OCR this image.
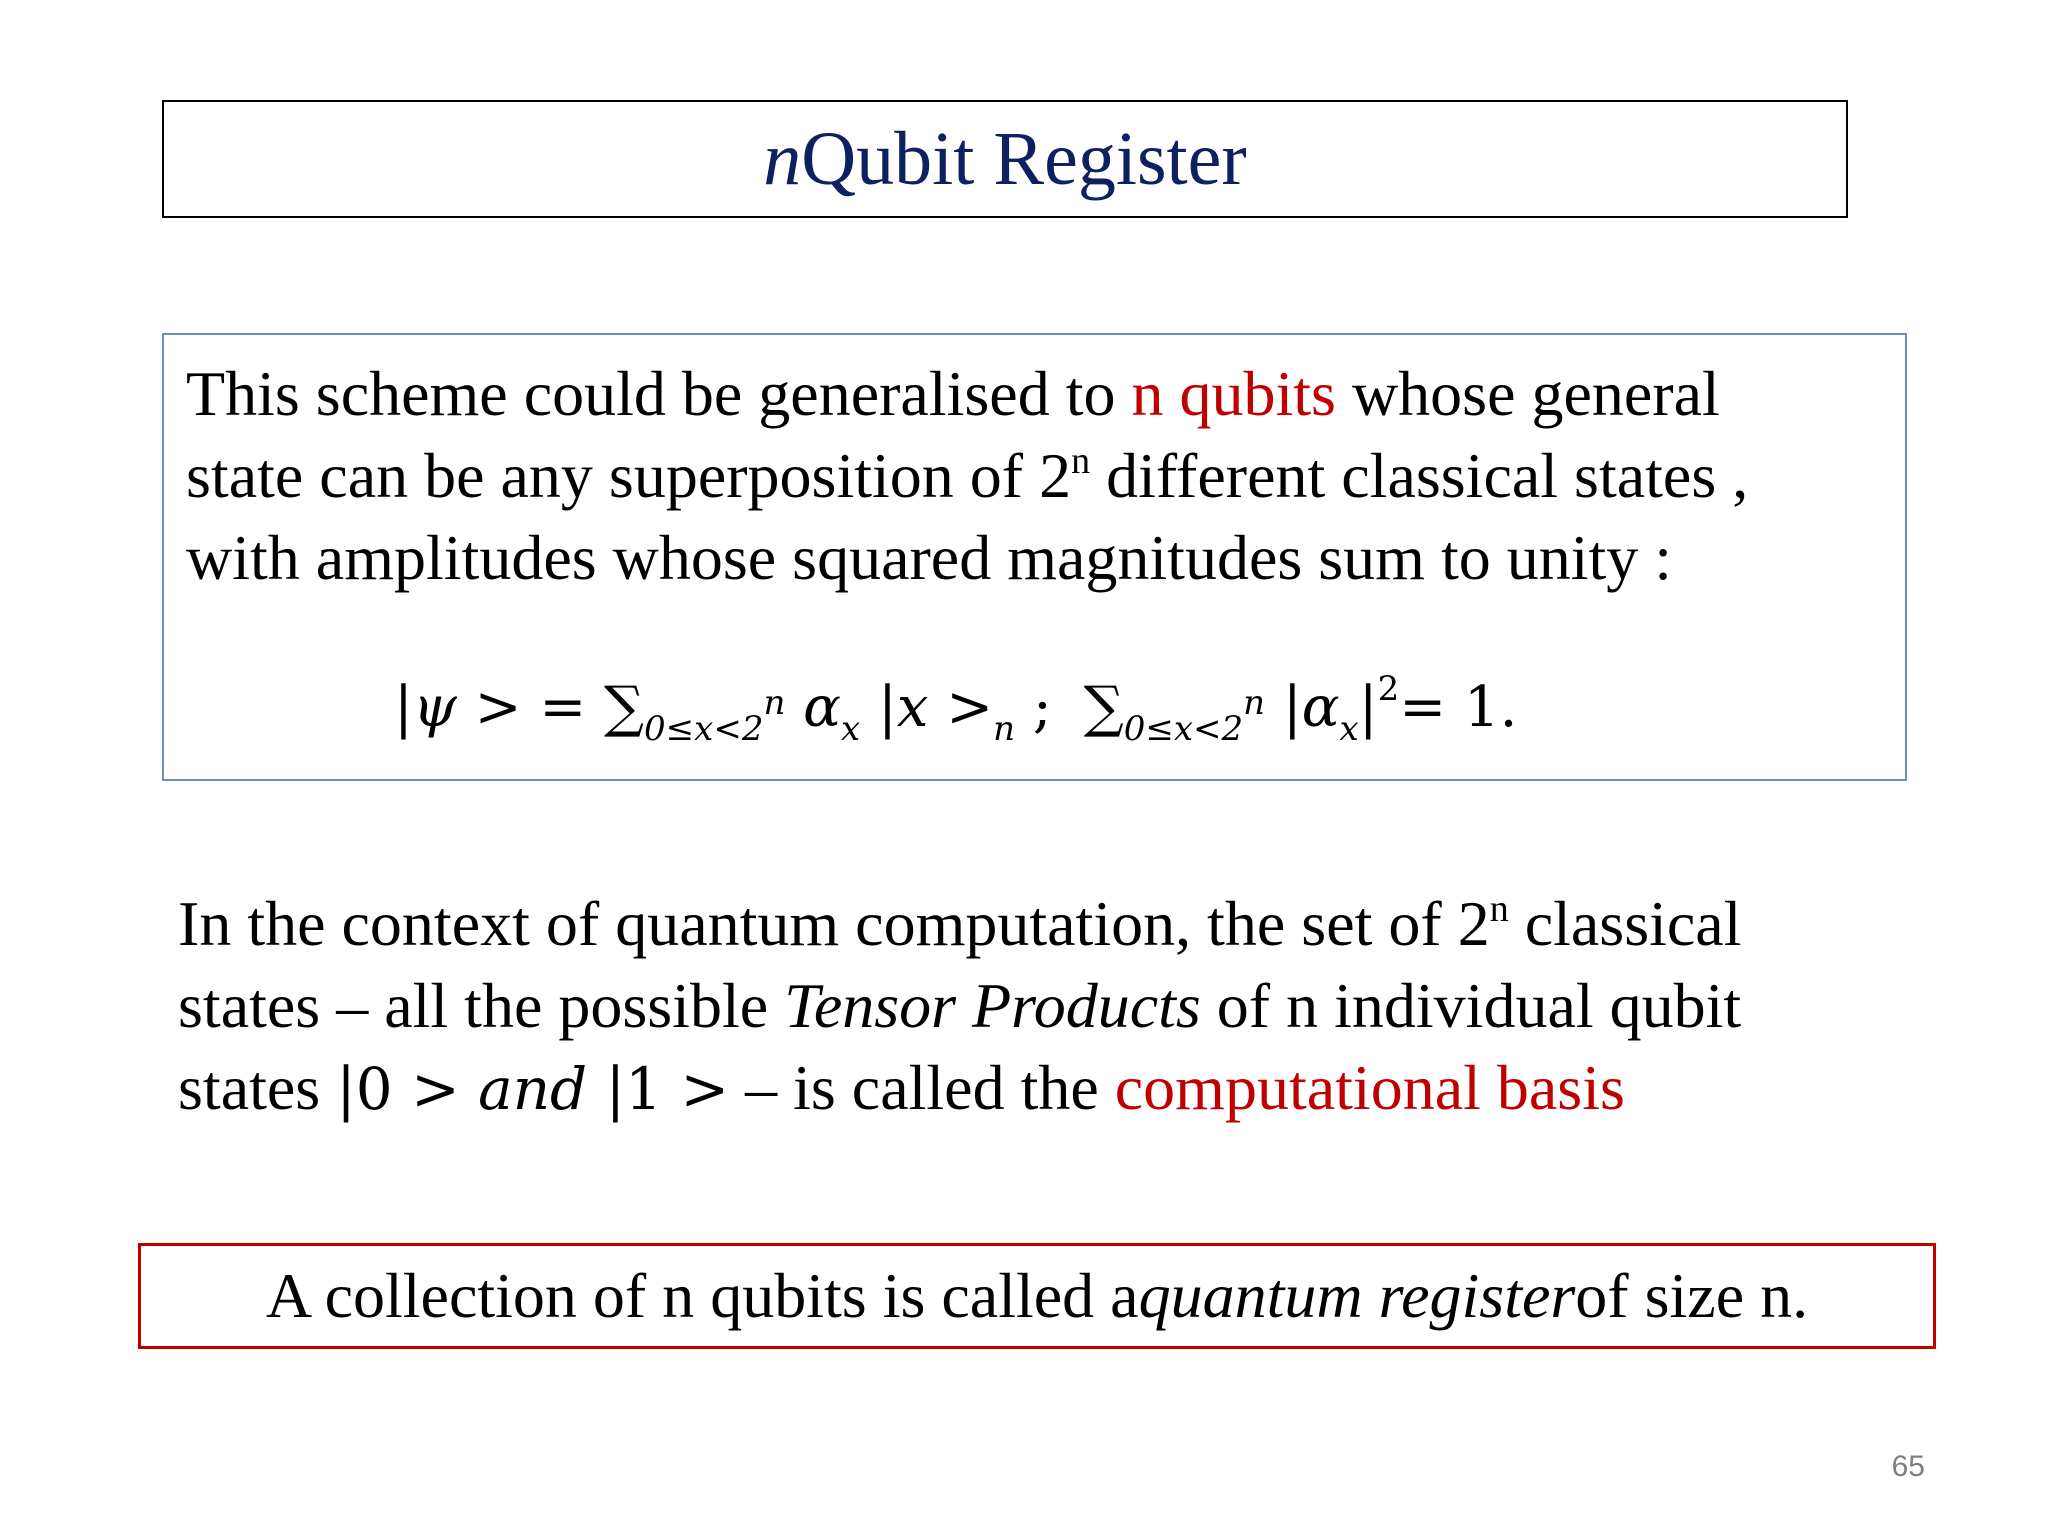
n Qubit Register
This scheme could be generalised to n qubits whose general
state can be any superposition of 2$^n$ different classical states ,
with amplitudes whose squared magnitudes sum to unity :
|ψ > = $\sum_{0\le x<2^n}$ $\alpha_x$ $|x >_n$ ; $\sum_{0\le x<2^n}$ $|\alpha_x|^2= 1$.
In the context of quantum computation, the set of 2$^n$ classical
states – all the possible Tensor Products of n individual qubit
states |0 > and |1 > – is called the computational basis
A collection of n qubits is called a quantum register of size n.
65
